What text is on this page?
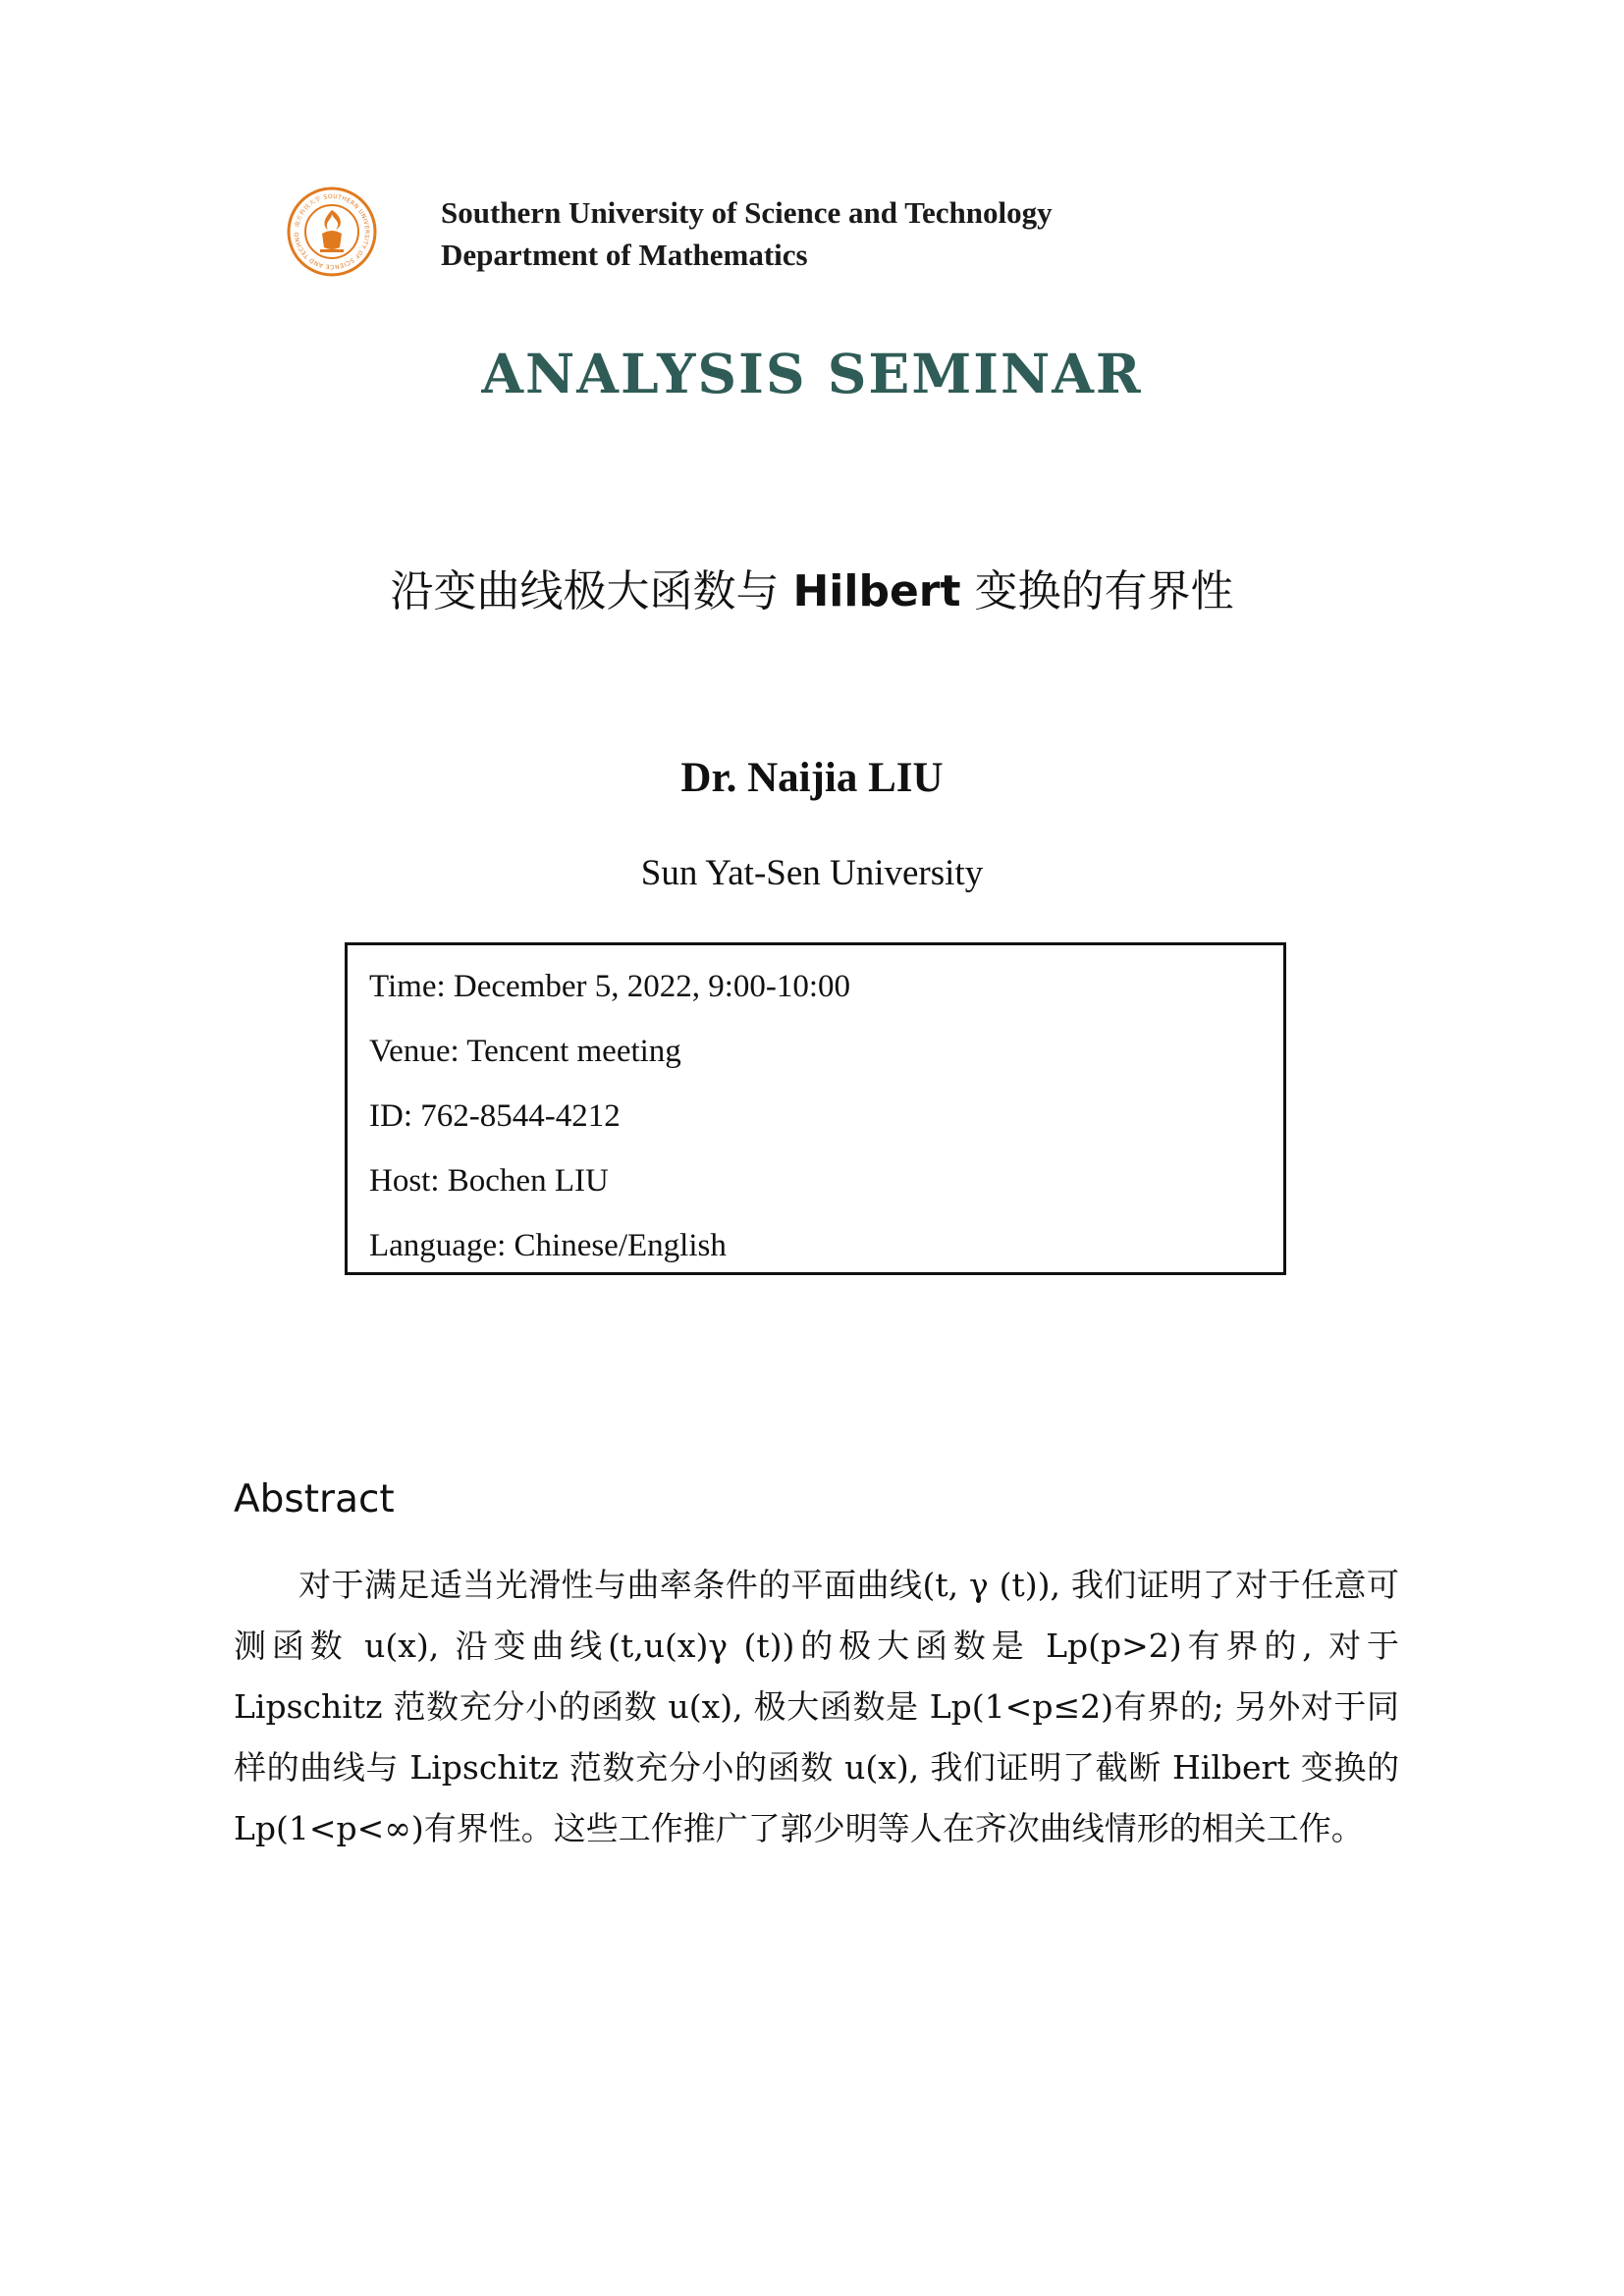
南方科技大学 SOUTHERN UNIVERSITY OF SCIENCE AND TECHNO
Southern University of Science and Technology
Department of Mathematics
ANALYSIS SEMINAR
沿变曲线极大函数与 Hilbert 变换的有界性
Dr. Naijia LIU
Sun Yat-Sen University
Time: December 5, 2022, 9:00-10:00
Venue: Tencent meeting
ID: 762-8544-4212
Host: Bochen LIU
Language: Chinese/English
Abstract
对于满足适当光滑性与曲率条件的平面曲线(t, γ (t)), 我们证明了对于任意可测函数 u(x), 沿变曲线(t,u(x)γ (t))的极大函数是 Lp(p>2)有界的, 对于 Lipschitz 范数充分小的函数 u(x), 极大函数是 Lp(1<p≤2)有界的; 另外对于同样的曲线与 Lipschitz 范数充分小的函数 u(x), 我们证明了截断 Hilbert 变换的 Lp(1<p<∞)有界性。这些工作推广了郭少明等人在齐次曲线情形的相关工作。
